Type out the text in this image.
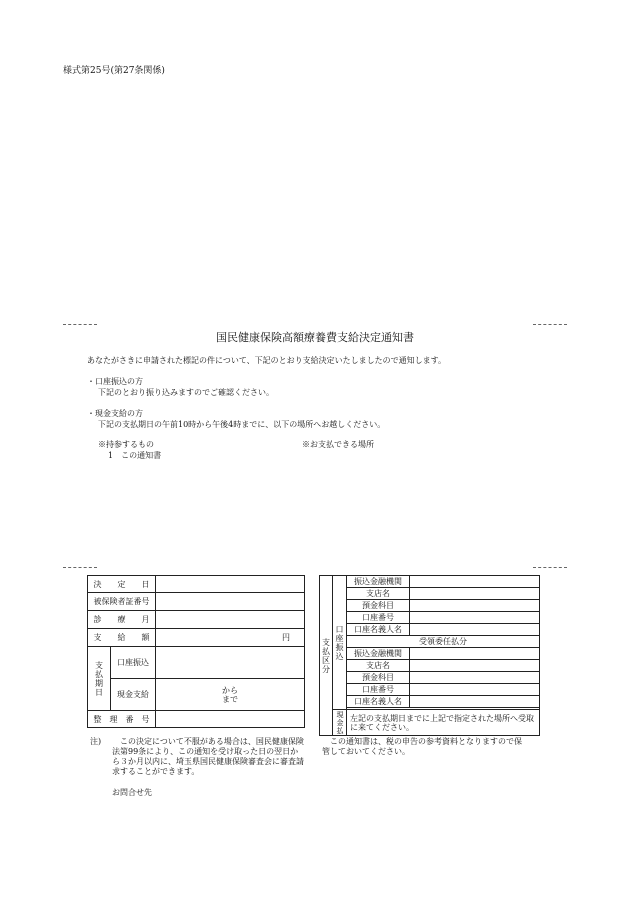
様式第25号(第27条関係)
国民健康保険高額療養費支給決定通知書
あなたがさきに申請された標記の件について、下記のとおり支給決定いたしましたので通知します。
・口座振込の方
下記のとおり振り込みますのでご確認ください。
・現金支給の方
下記の支払期日の午前10時から午後4時までに、以下の場所へお越しください。
※持参するもの
1　この通知書
※お支払できる場所
決　　定　　日		
被保険者証番号		
診　　療　　月		
支　　給　　額		円
支払期日	口座振込	
	現金支給	から
まで

整　理　番　号		
支払区分	口座振込	振込金融機関	
		支店名	
		預金科目	
		口座番号	
		口座名義人名	
		受領委任払分	
		振込金融機関	
		支店名	
		預金科目	
		口座番号	
		口座名義人名	

	現金払	左記の支払期日までに上記で指定された場所へ受取に来てください。	
注)	この決定について不服がある場合は、国民健康保険法第99条により、この通知を受け取った日の翌日から３か月以内に、埼玉県国民健康保険審査会に審査請求することができます。
この通知書は、税の申告の参考資料となりますので保管しておいてください。
お問合せ先
